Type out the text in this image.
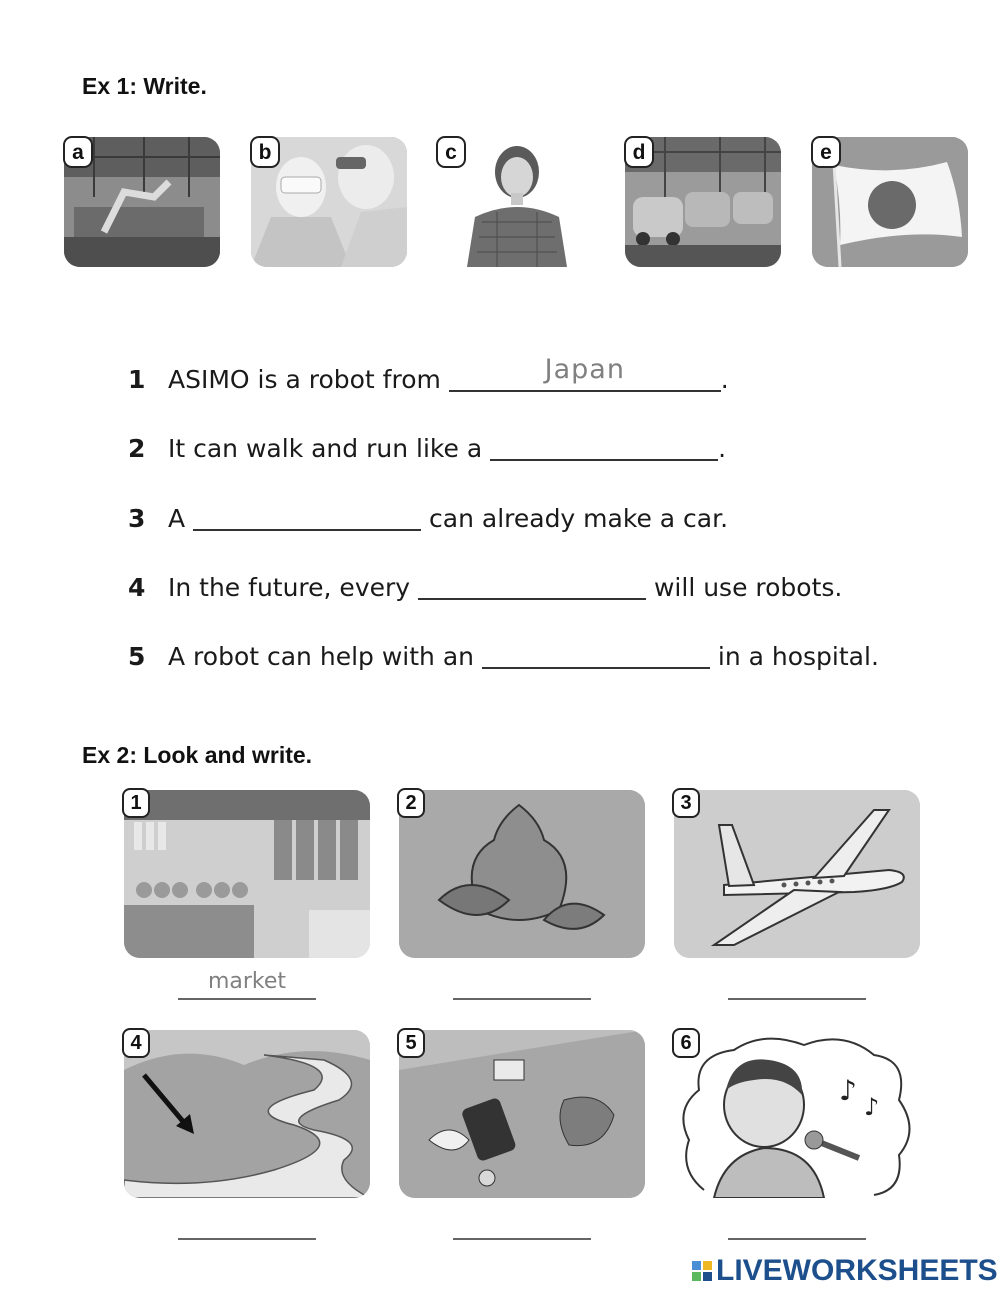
Ex 1: Write.
a	b	c	d	e
1 ASIMO is a robot from	Japan	.
2 It can walk and run like a	.
3 A	can already make a car.
4 In the future, every	will use robots.
5 A robot can help with an	in a hospital.
Ex 2: Look and write.
1	2	3
market
4	5
♪ ♪
6
LIVEWORKSHEETS
